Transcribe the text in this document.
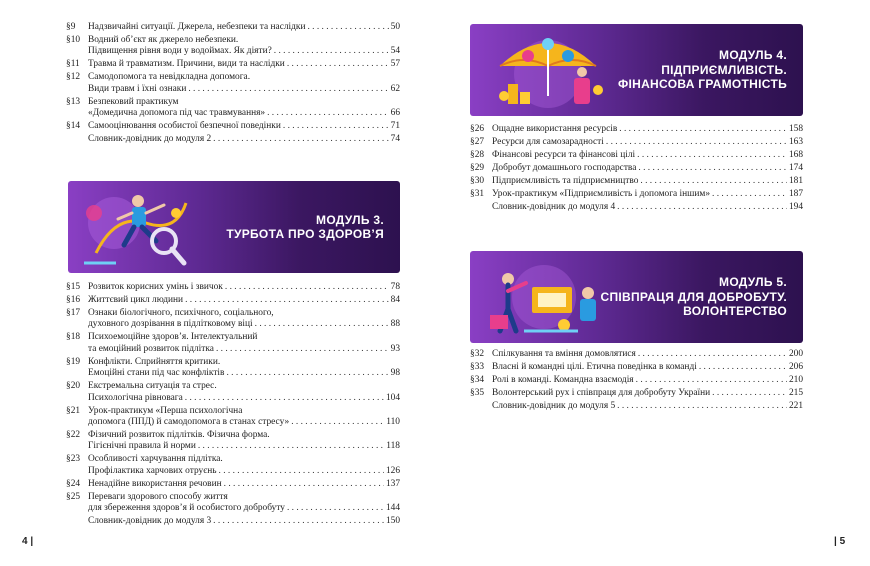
§9	Надзвичайні ситуації. Джерела, небезпеки та наслідки . . .	50
§10 Водний об’єкт як джерело небезпеки.
Підвищення рівня води у водоймах. Як діяти? . . .	54
§11 Травма й травматизм. Причини, види та наслідки . . .	57
§12 Самодопомога та невідкладна допомога.
Види травм і їхні ознаки . . .	62
§13 Безпековий практикум
«Домедична допомога під час травмування» . . .	66
§14 Самооцінювання особистої безпечної поведінки . . .	71
Словник-довідник до модуля 2 . . .	74
МОДУЛЬ 3.
ТУРБОТА ПРО ЗДОРОВ’Я
§15 Розвиток корисних умінь і звичок . . .	78
§16 Життєвий цикл людини . . .	84
§17 Ознаки біологічного, психічного, соціального,
духовного дозрівання в підлітковому віці . . .	88
§18 Психоемоційне здоров’я. Інтелектуальний
та емоційний розвиток підлітка . . .	93
§19 Конфлікти. Сприйняття критики.
Емоційні стани під час конфліктів . . .	98
§20 Екстремальна ситуація та стрес.
Психологічна рівновага . . .	104
§21 Урок-практикум «Перша психологічна
допомога (ППД) й самодопомога в станах стресу» . . .	110
§22 Фізичний розвиток підлітків. Фізична форма.
Гігієнічні правила й норми . . .	118
§23 Особливості харчування підлітка.
Профілактика харчових отруєнь . . .	126
§24 Ненадійне використання речовин . . .	137
§25 Переваги здорового способу життя
для збереження здоров’я й особистого добробуту . . .	144
Словник-довідник до модуля 3 . . .	150
4 |
МОДУЛЬ 4.
ПІДПРИЄМЛИВІСТЬ.
ФІНАНСОВА ГРАМОТНІСТЬ
§26 Ощадне використання ресурсів . . .	158
§27 Ресурси для самозарадності . . .	163
§28 Фінансові ресурси та фінансові цілі . . .	168
§29 Добробут домашнього господарства . . .	174
§30 Підприємливість та підприємництво . . .	181
§31 Урок-практикум «Підприємливість і допомога іншим» . . .	187
Словник-довідник до модуля 4 . . .	194
МОДУЛЬ 5.
СПІВПРАЦЯ ДЛЯ ДОБРОБУТУ.
ВОЛОНТЕРСТВО
§32 Спілкування та вміння домовлятися . . .	200
§33 Власні й командні цілі. Етична поведінка в команді . . .	206
§34 Ролі в команді. Командна взаємодія . . .	210
§35 Волонтерський рух і співпраця для добробуту України . . .	215
Словник-довідник до модуля 5 . . .	221
| 5
